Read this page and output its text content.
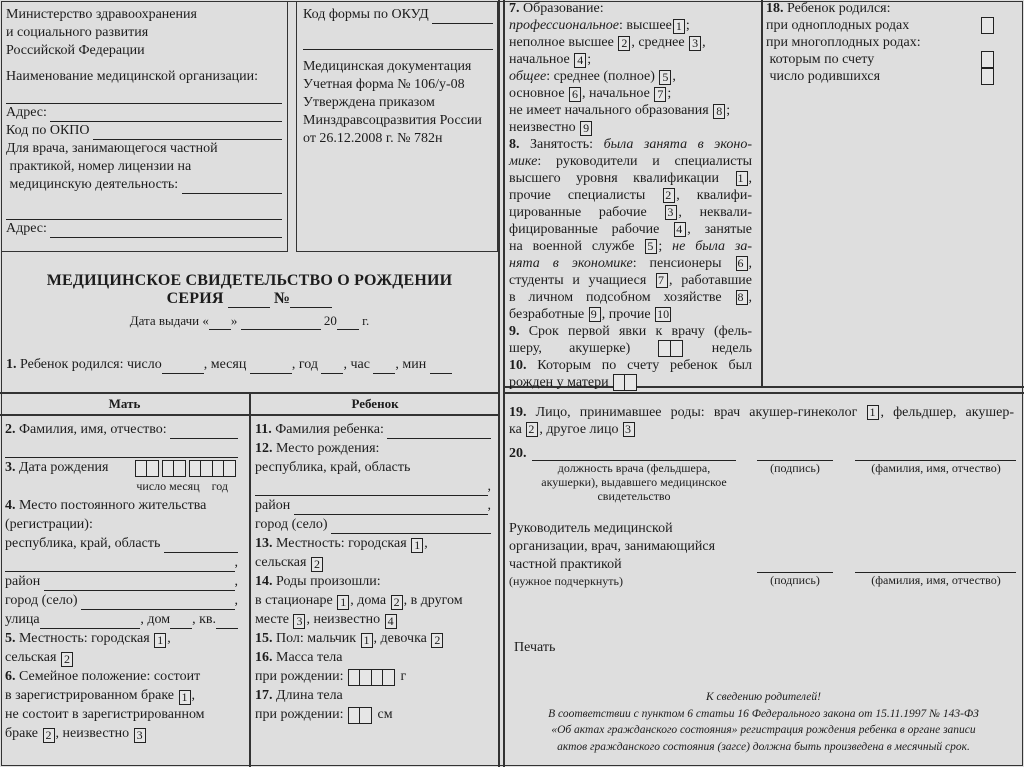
Министерство здравоохранения
и социального развития
Российской Федерации
Наименование медицинской организации:
Адрес:
Код по ОКПО
Для врача, занимающегося частной
практикой, номер лицензии на
медицинскую деятельность:
Адрес:
Код формы по ОКУД
Медицинская документация
Учетная форма № 106/у-08
Утверждена приказом
Минздравсоцразвития России
от 26.12.2008 г. № 782н
МЕДИЦИНСКОЕ СВИДЕТЕЛЬСТВО О РОЖДЕНИИ
СЕРИЯ	№
Дата выдачи « »	20 г.
1. Ребенок родился: число	, месяц	, год , час , мин
Мать	Ребенок
2. Фамилия, имя, отчество:
3. Дата рождения
число месяц    год
4. Место постоянного жительства
(регистрации):
республика, край, область
,
район	,
город (село)	,
улица	, дом , кв.
5. Местность: городская 1 ,
сельская 2
6. Семейное положение: состоит
в зарегистрированном браке 1 ,
не состоит в зарегистрированном
браке 2 , неизвестно 3
11. Фамилия ребенка:
12. Место рождения:
республика, край, область
,
район	,
город (село)
13. Местность: городская 1 ,
сельская 2
14. Роды произошли:
в стационаре 1 , дома 2 , в другом
месте 3 , неизвестно 4
15. Пол: мальчик 1 , девочка 2
16. Масса тела
при рождении:	г
17. Длина тела
при рождении: см
7. Образование:
профессиональное : высшее 1 ;
неполное высшее 2 , среднее 3 ,
начальное 4 ;
общее : среднее (полное) 5 ,
основное 6 , начальное 7 ;
не имеет начального образования 8 ;
неизвестно 9
8. Занятость: была занята в эконо-
мике: руководители и специалисты
высшего уровня квалификации 1 ,
прочие специалисты 2 , квалифи-
цированные рабочие 3 , неквали-
фицированные рабочие 4 , занятые
на военной службе 5 ; не была за-
нята в экономике: пенсионеры 6 ,
студенты и учащиеся 7 , работавшие
в личном подсобном хозяйстве 8 ,
безработные 9 , прочие 10
9. Срок первой явки к врачу (фель-
шеру, акушерке)
недель
10. Которым по счету ребенок был
рожден у матери
18. Ребенок родился:
при одноплодных родах
при многоплодных родах:
которым по счету
число родившихся
19. Лицо, принимавшее роды: врач акушер-гинеколог 1 , фельдшер, акушер-
ка 2 , другое лицо 3
20.
должность врача (фельдшера, акушерки), выдавшего медицинское свидетельство
(подпись)	(фамилия, имя, отчество)
Руководитель медицинской
организации, врач, занимающийся
частной практикой
(нужное подчеркнуть)	(подпись)	(фамилия, имя, отчество)
Печать
К сведению родителей!
В соответствии с пунктом 6 статьи 16 Федерального закона от 15.11.1997 № 143-ФЗ
«Об актах гражданского состояния» регистрация рождения ребенка в органе записи
актов гражданского состояния (загсе) должна быть произведена в месячный срок.
